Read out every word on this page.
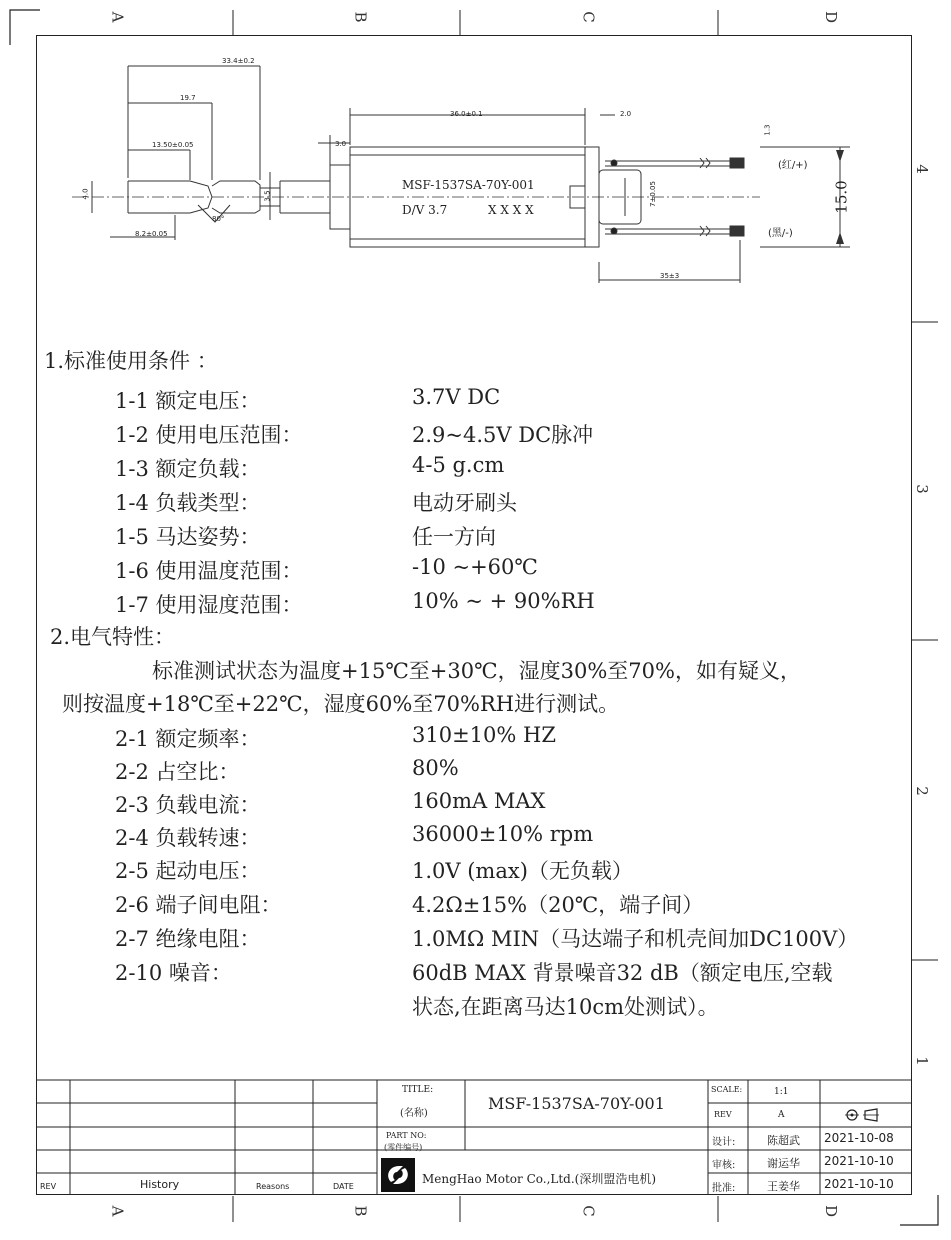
A	B	C	D
A	B	C	D
4
3
2
1
33.4±0.2
19.7
13.50±0.05
8.2±0.05
4.0	3.5
80°
3.0
36.0±0.1	2.0
1.3
7±0.05
35±3
15.0
MSF-1537SA-70Y-001
D/V 3.7	X X X X
(红/+)
(黑/-)
1.标准使用条件 ：
1-1 额定电压：	3.7V DC
1-2 使用电压范围：	2.9~4.5V DC脉冲
1-3 额定负载：	4-5 g.cm
1-4 负载类型：	电动牙刷头
1-5 马达姿势：	任一方向
1-6 使用温度范围：	-10 ~+60℃
1-7 使用湿度范围：	10% ~ + 90%RH
2.电气特性：
标准测试状态为温度+15℃至+30℃，湿度30%至70%，如有疑义，
则按温度+18℃至+22℃，湿度60%至70%RH进行测试。
2-1 额定频率：	310±10% HZ
2-2 占空比：	80%
2-3 负载电流：	160mA MAX
2-4 负载转速：	36000±10% rpm
2-5 起动电压：	1.0V (max)（无负载）
2-6 端子间电阻：	4.2Ω±15%（20℃，端子间）
2-7 绝缘电阻：	1.0MΩ MIN（马达端子和机壳间加DC100V）
2-10 噪音：	60dB MAX 背景噪音32 dB（额定电压,空载
状态,在距离马达10cm处测试）。
REV	History	Reasons	DATE
TITLE:
(名称)
MSF-1537SA-70Y-001
PART NO:
(零件编号)
MengHao Motor Co.,Ltd.(深圳盟浩电机)
SCALE:	1:1
REV	A
设计:	陈超武 2021-10-08
审核:	谢运华 2021-10-10
批准:	王姜华 2021-10-10
